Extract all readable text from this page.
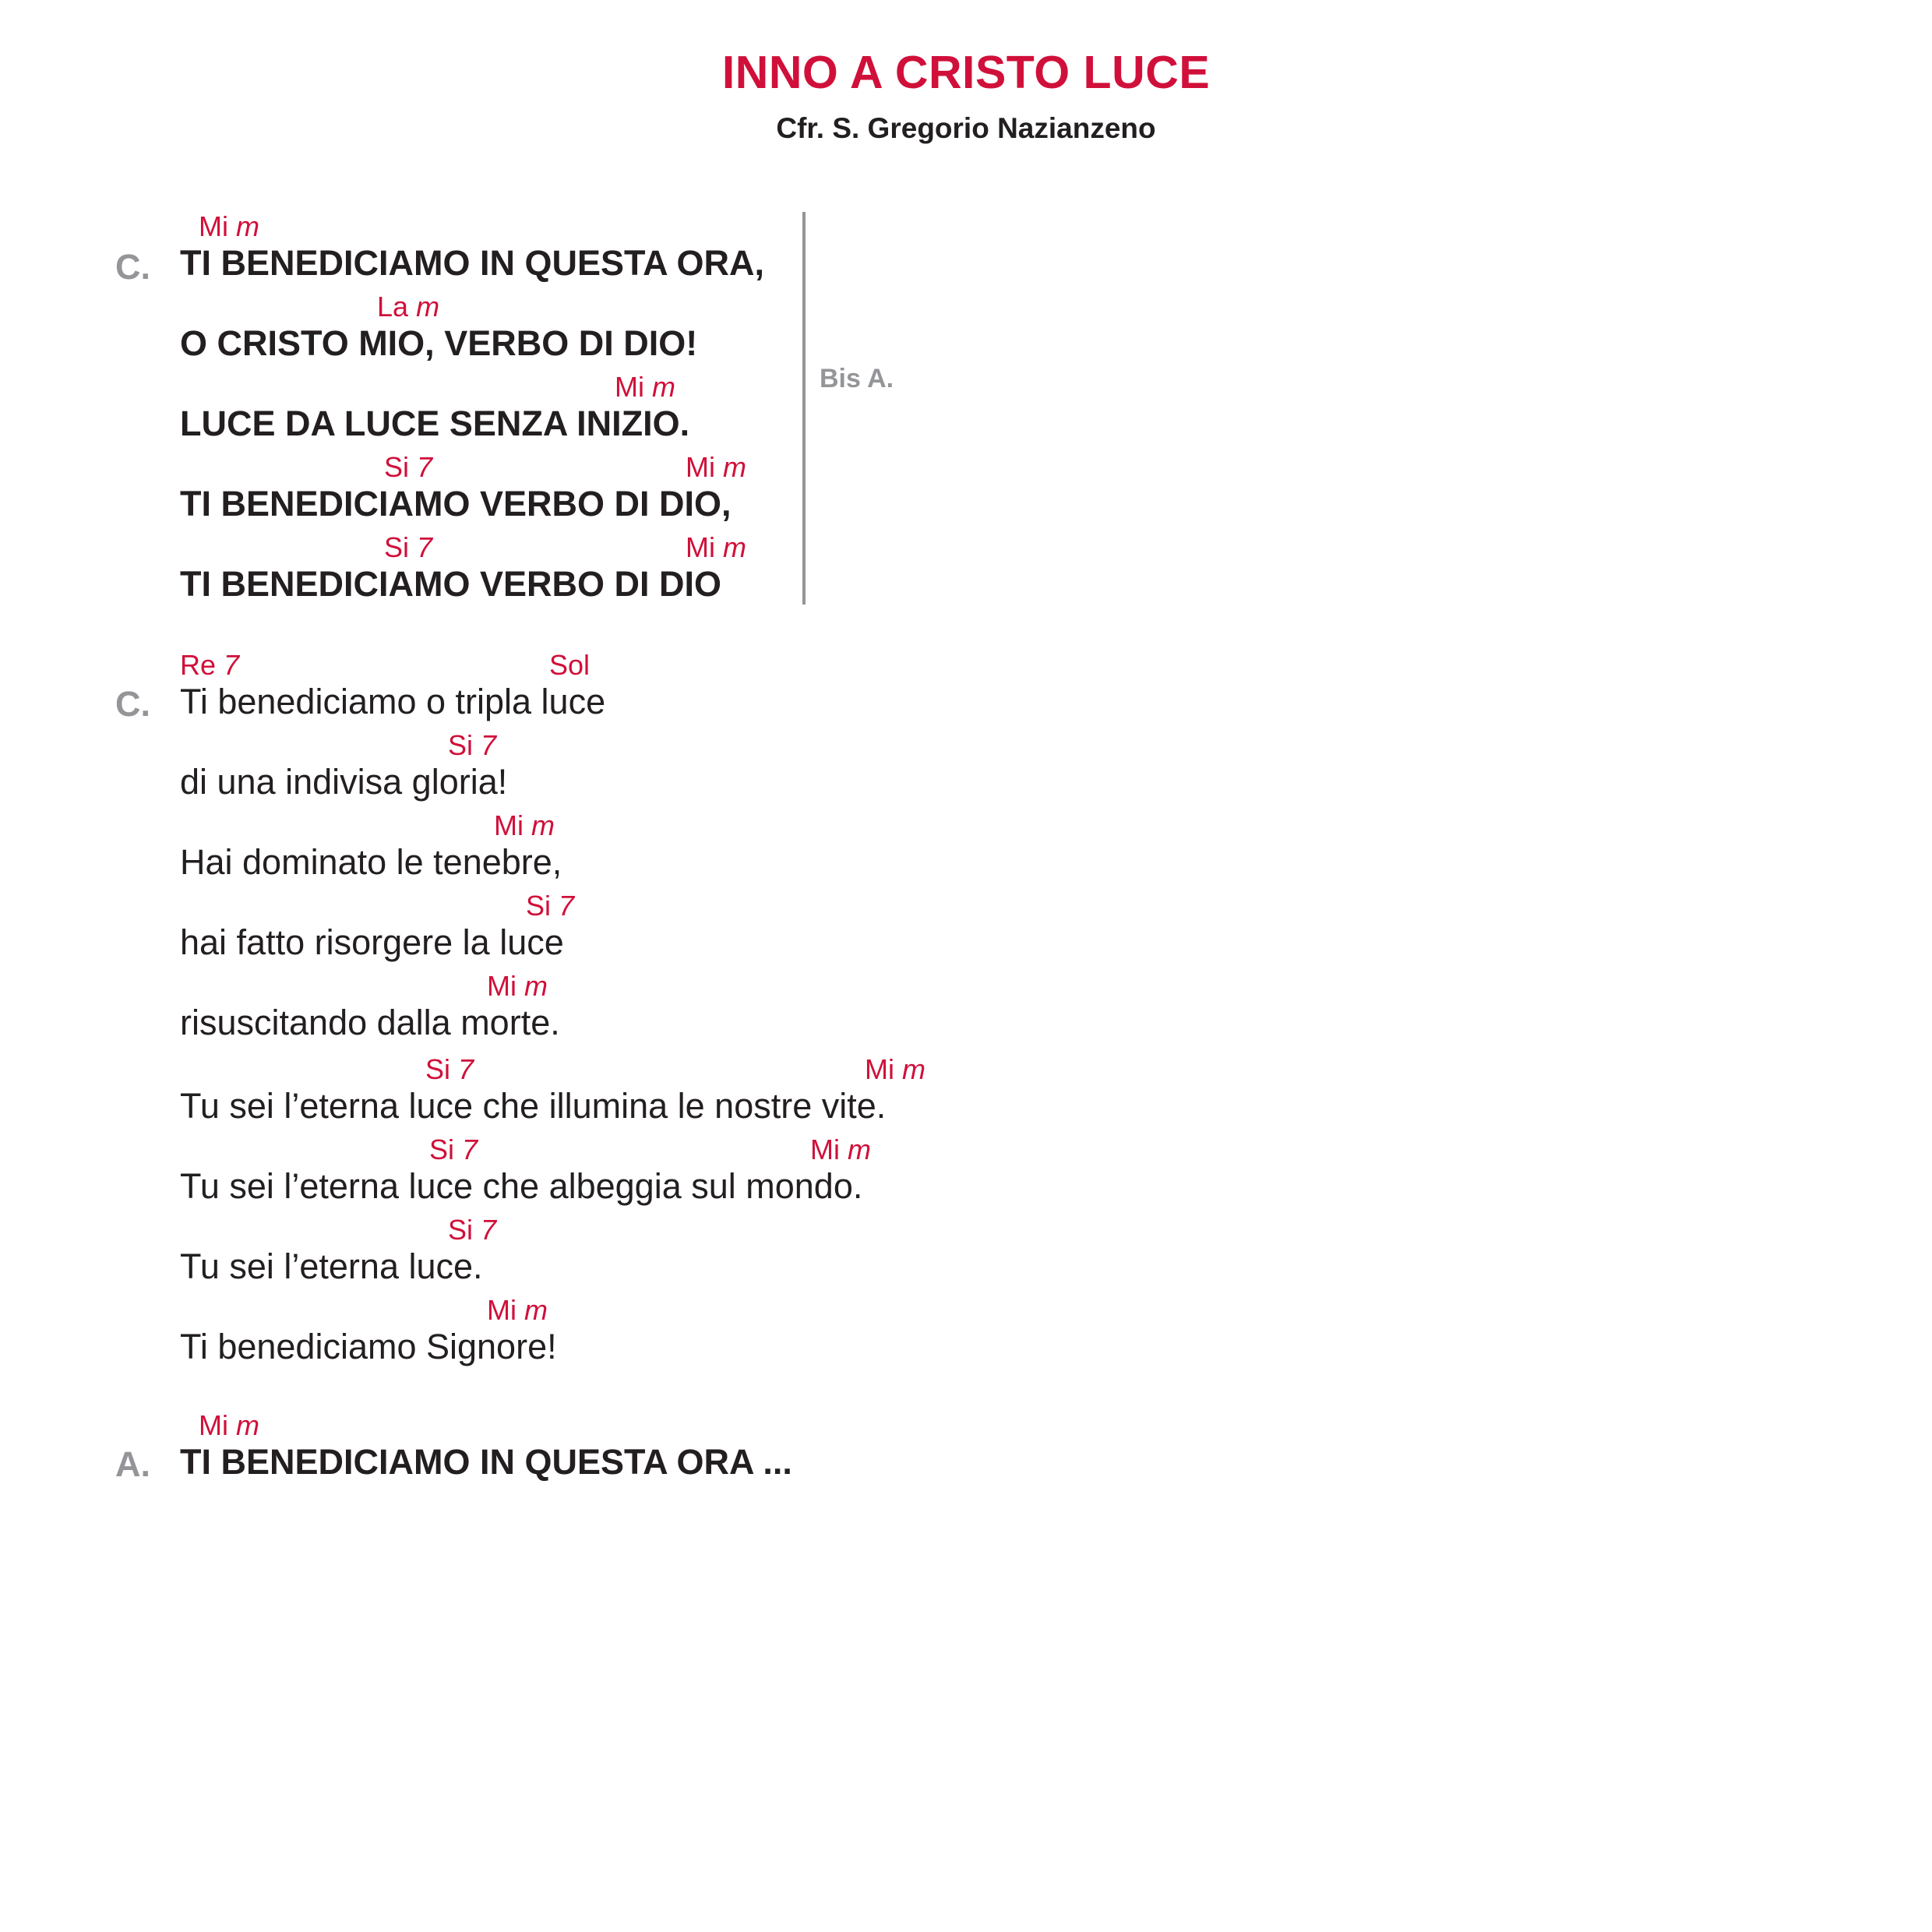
INNO A CRISTO LUCE
Cfr. S. Gregorio Nazianzeno
C.
Mi m
TI BENEDICIAMO IN QUESTA ORA,
La m
O CRISTO MIO, VERBO DI DIO!
Mi m
LUCE DA LUCE SENZA INIZIO.
Si 7	Mi m
TI BENEDICIAMO VERBO DI DIO,
Si 7	Mi m
TI BENEDICIAMO VERBO DI DIO
Bis A.
C.
Re 7	Sol
Ti benediciamo o tripla luce
Si 7
di una indivisa gloria!
Mi m
Hai dominato le tenebre,
Si 7
hai fatto risorgere la luce
Mi m
risuscitando dalla morte.
Si 7	Mi m
Tu sei l’eterna luce che illumina le nostre vite.
Si 7	Mi m
Tu sei l’eterna luce che albeggia sul mondo.
Si 7
Tu sei l’eterna luce.
Mi m
Ti benediciamo Signore!
A.
Mi m
TI BENEDICIAMO IN QUESTA ORA ...
